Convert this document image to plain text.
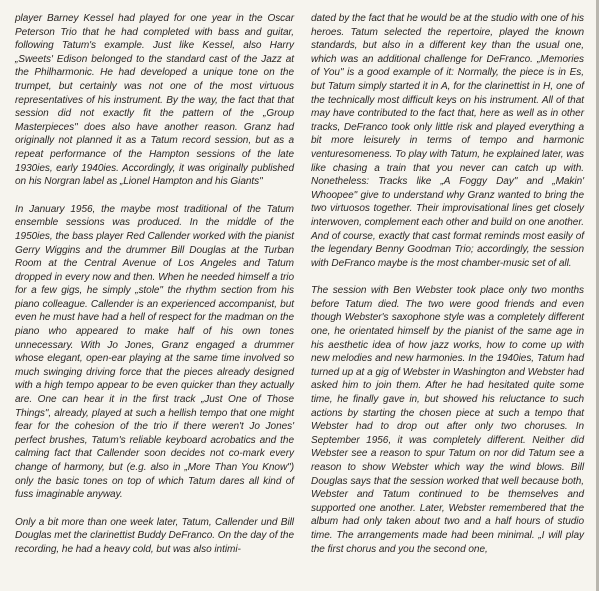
player Barney Kessel had played for one year in the Oscar Peterson Trio that he had completed with bass and guitar, following Tatum's example. Just like Kessel, also Harry „Sweets' Edison belonged to the standard cast of the Jazz at the Philharmonic. He had developed a unique tone on the trumpet, but certainly was not one of the most virtuous representatives of his instrument. By the way, the fact that that session did not exactly fit the pattern of the „Group Masterpieces" does also have another reason. Granz had originally not planned it as a Tatum record session, but as a repeat performance of the Hampton sessions of the late 1930ies, early 1940ies. Accordingly, it was originally published on his Norgran label as „Lionel Hampton and his Giants"

In January 1956, the maybe most traditional of the Tatum ensemble sessions was produced. In the middle of the 1950ies, the bass player Red Callender worked with the pianist Gerry Wiggins and the drummer Bill Douglas at the Turban Room at the Central Avenue of Los Angeles and Tatum dropped in every now and then. When he needed himself a trio for a few gigs, he simply „stole" the rhythm section from his piano colleague. Callender is an experienced accompanist, but even he must have had a hell of respect for the madman on the piano who appeared to make half of his own tones unnecessary. With Jo Jones, Granz engaged a drummer whose elegant, open-ear playing at the same time involved so much swinging driving force that the pieces already designed with a high tempo appear to be even quicker than they actually are. One can hear it in the first track „Just One of Those Things", already, played at such a hellish tempo that one might fear for the cohesion of the trio if there weren't Jo Jones' perfect brushes, Tatum's reliable keyboard acrobatics and the calming fact that Callender soon decides not co-mark every change of harmony, but (e.g. also in „More Than You Know") only the basic tones on top of which Tatum dares all kind of fuss imaginable anyway.

Only a bit more than one week later, Tatum, Callender und Bill Douglas met the clarinettist Buddy DeFranco. On the day of the recording, he had a heavy cold, but was also intimi-

dated by the fact that he would be at the studio with one of his heroes. Tatum selected the repertoire, played the known standards, but also in a different key than the usual one, which was an additional challenge for DeFranco. „Memories of You" is a good example of it: Normally, the piece is in Es, but Tatum simply started it in A, for the clarinettist in H, one of the technically most difficult keys on his instrument. All of that may have contributed to the fact that, here as well as in other tracks, DeFranco took only little risk and played everything a bit more leisurely in terms of tempo and harmonic venturesomeness. To play with Tatum, he explained later, was like chasing a train that you never can catch up with. Nonetheless: Tracks like „A Foggy Day" and „Makin' Whoopee" give to understand why Granz wanted to bring the two virtuosos together. Their improvisational lines get closely interwoven, complement each other and build on one another. And of course, exactly that cast format reminds most easily of the legendary Benny Goodman Trio; accordingly, the session with DeFranco maybe is the most chamber-music set of all.

The session with Ben Webster took place only two months before Tatum died. The two were good friends and even though Webster's saxophone style was a completely different one, he orientated himself by the pianist of the same age in his aesthetic idea of how jazz works, how to come up with new melodies and new harmonies. In the 1940ies, Tatum had turned up at a gig of Webster in Washington and Webster had asked him to join them. After he had hesitated quite some time, he finally gave in, but showed his reluctance to such actions by starting the chosen piece at such a tempo that Webster had to drop out after only two choruses. In September 1956, it was completely different. Neither did Webster see a reason to spur Tatum on nor did Tatum see a reason to show Webster which way the wind blows. Bill Douglas says that the session worked that well because both, Webster and Tatum continued to be themselves and supported one another. Later, Webster remembered that the album had only taken about two and a half hours of studio time. The arrangements made had been minimal. „I will play the first chorus and you the second one,
